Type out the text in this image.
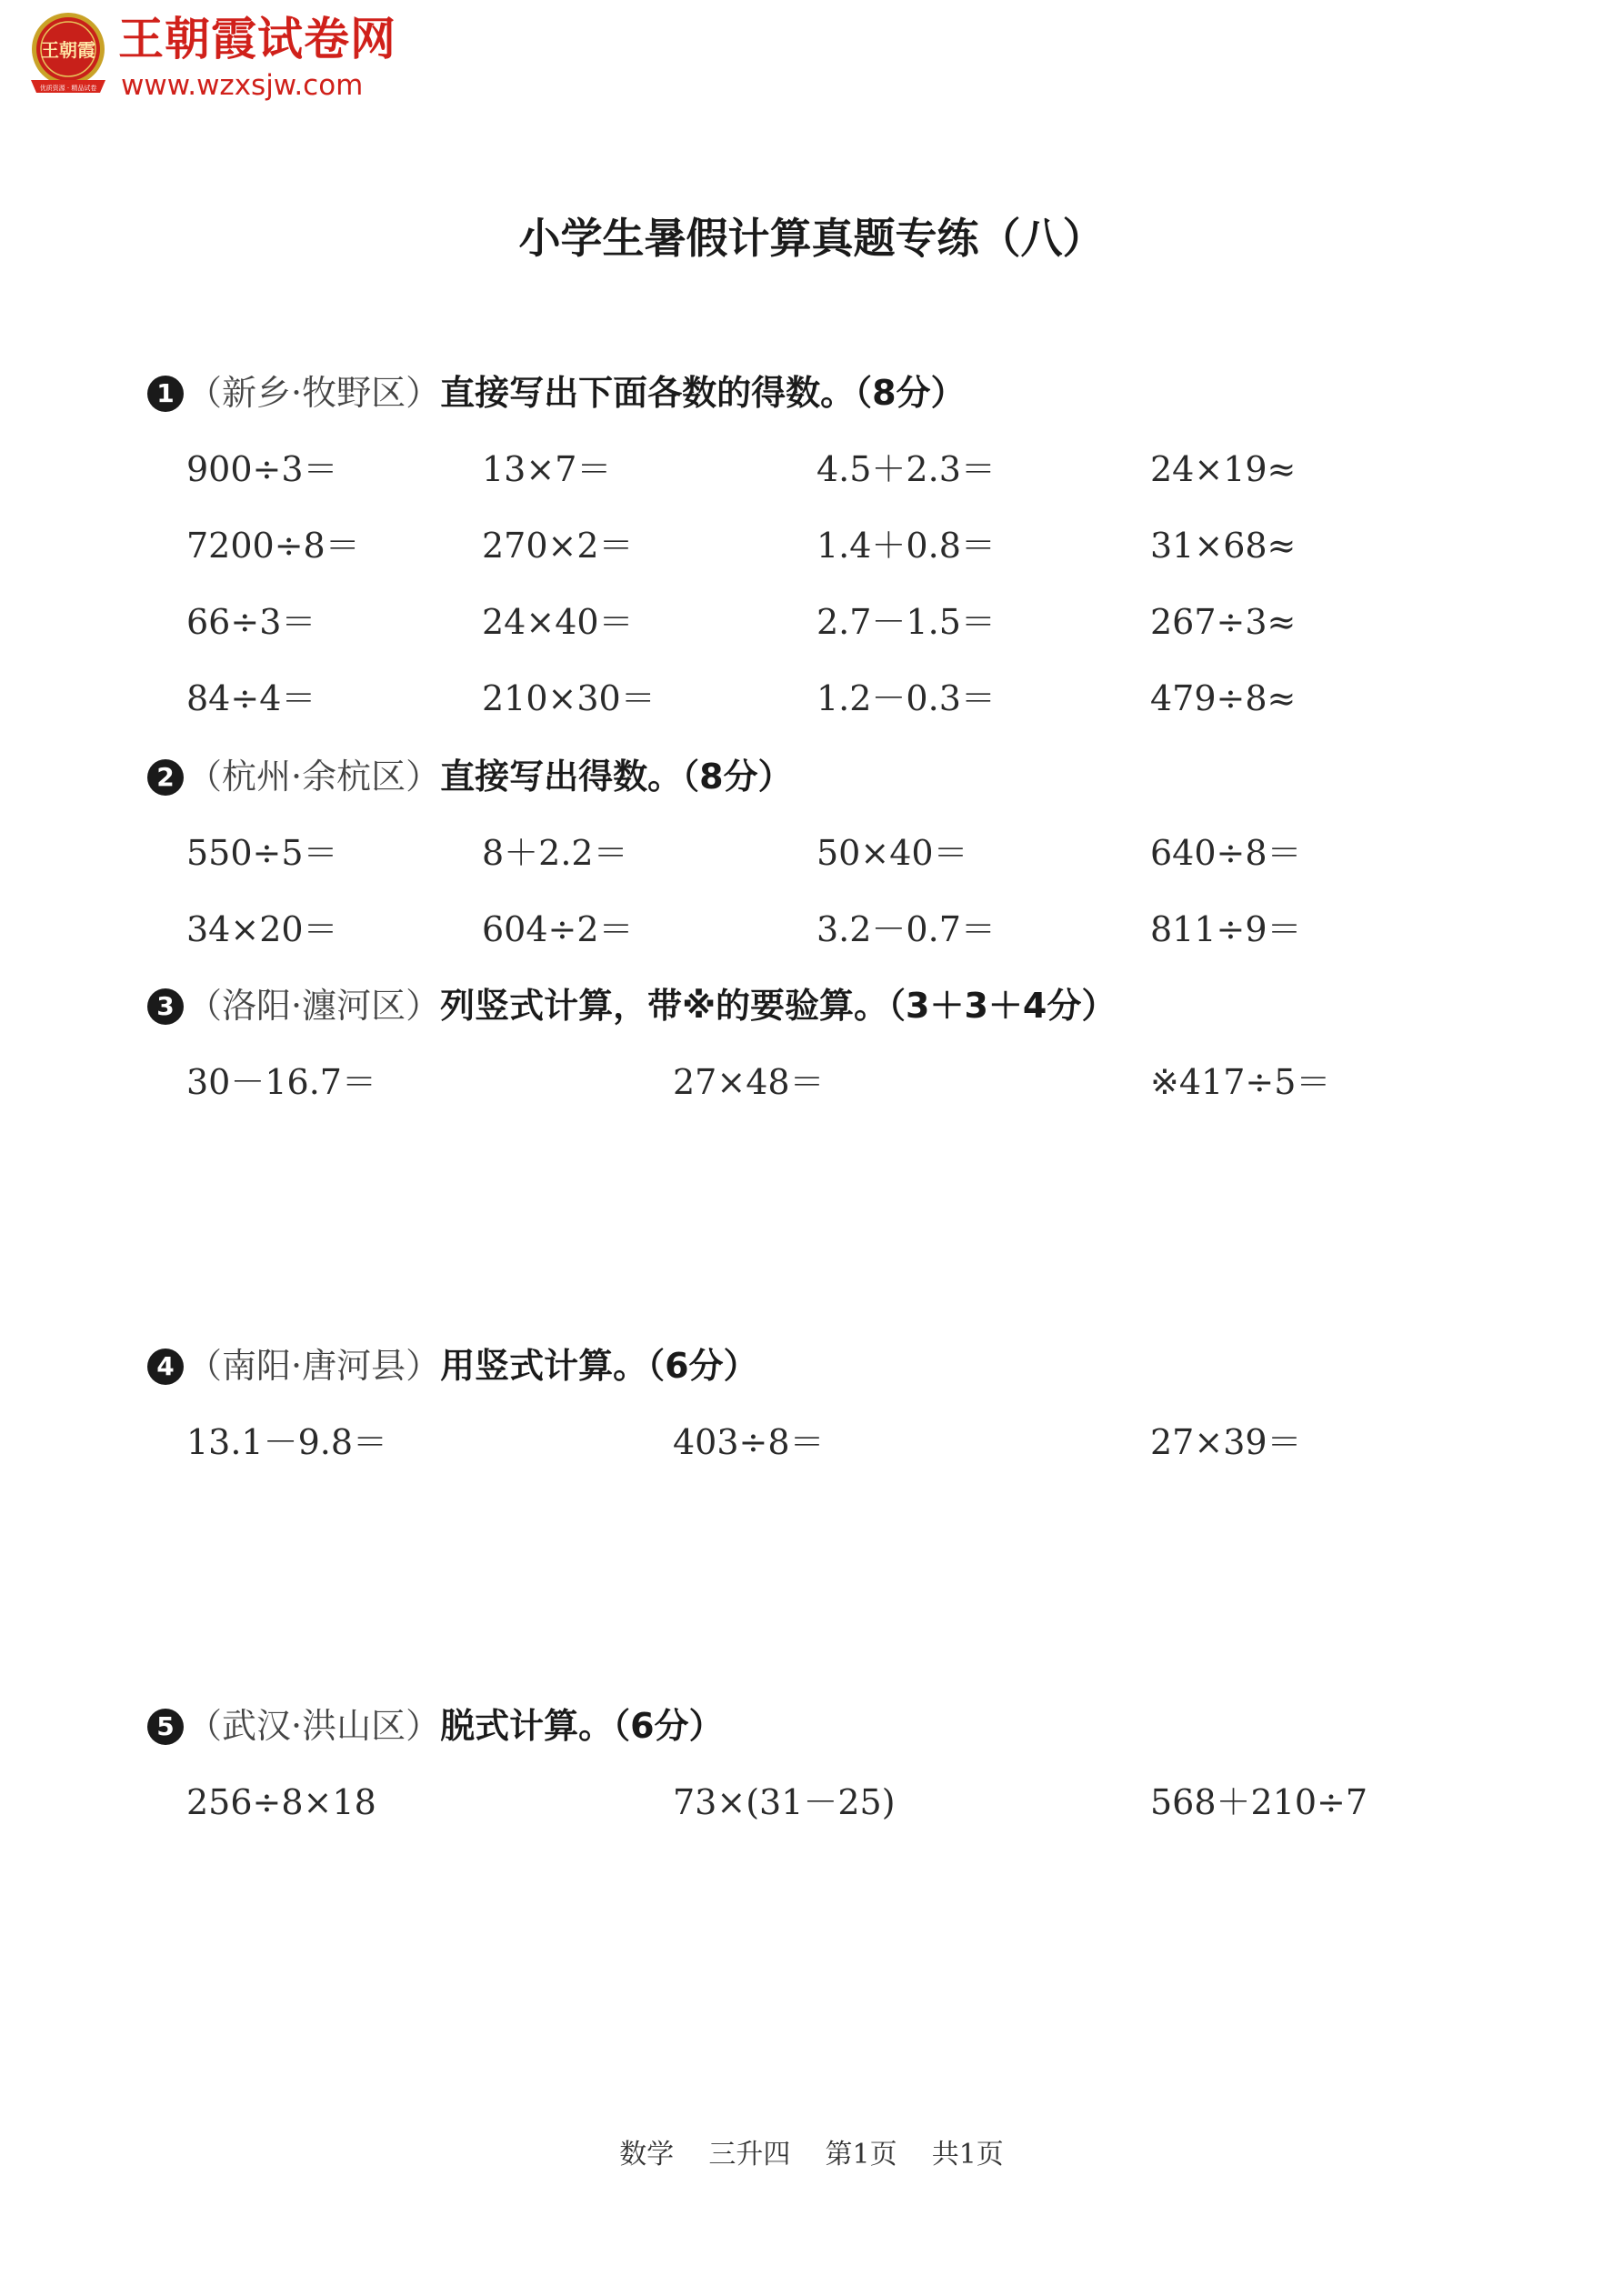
王朝霞
优质资源 · 精品试卷
王朝霞试卷网
www.wzxsjw.com
小学生暑假计算真题专练（八）
1 （新乡·牧野区）直接写出下面各数的得数。（8分）
900÷3＝	13×7＝	4.5＋2.3＝	24×19≈
7200÷8＝	270×2＝	1.4＋0.8＝	31×68≈
66÷3＝	24×40＝	2.7－1.5＝	267÷3≈
84÷4＝	210×30＝	1.2－0.3＝	479÷8≈
2 （杭州·余杭区）直接写出得数。（8分）
550÷5＝	8＋2.2＝	50×40＝	640÷8＝
34×20＝	604÷2＝	3.2－0.7＝	811÷9＝
3 （洛阳·瀍河区）列竖式计算，带※的要验算。（3＋3＋4分）
30－16.7＝	27×48＝	※417÷5＝
4 （南阳·唐河县）用竖式计算。（6分）
13.1－9.8＝	403÷8＝	27×39＝
5 （武汉·洪山区）脱式计算。（6分）
256÷8×18	73×(31－25)	568＋210÷7
数学    三升四    第1页    共1页
